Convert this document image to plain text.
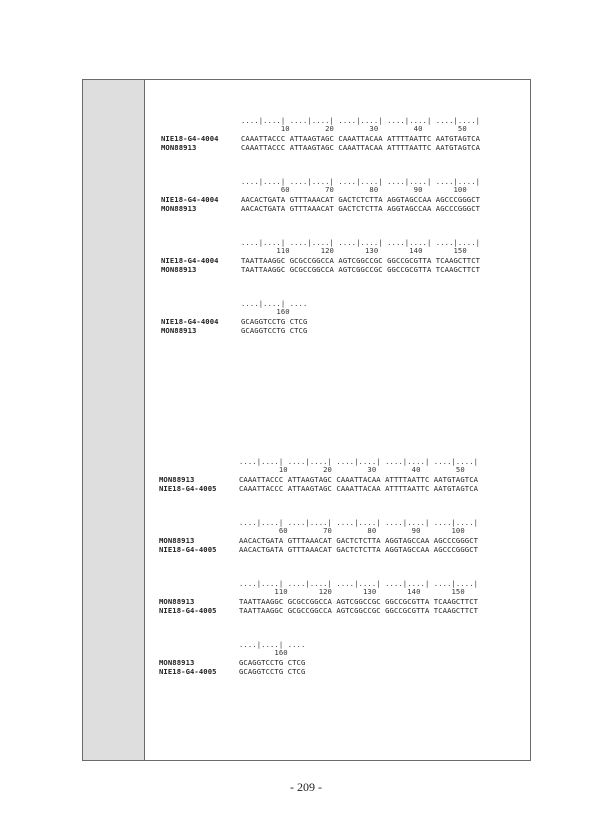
....|....| ....|....| ....|....| ....|....| ....|....|
10        20        30        40        50
NIE18-G4-4004	CAAATTACCC ATTAAGTAGC CAAATTACAA ATTTTAATTC AATGTAGTCA
MON88913	CAAATTACCC ATTAAGTAGC CAAATTACAA ATTTTAATTC AATGTAGTCA
....|....| ....|....| ....|....| ....|....| ....|....|
60        70        80        90       100
NIE18-G4-4004	AACACTGATA GTTTAAACAT GACTCTCTTA AGGTAGCCAA AGCCCGGGCT
MON88913	AACACTGATA GTTTAAACAT GACTCTCTTA AGGTAGCCAA AGCCCGGGCT
....|....| ....|....| ....|....| ....|....| ....|....|
110       120       130       140       150
NIE18-G4-4004	TAATTAAGGC GCGCCGGCCA AGTCGGCCGC GGCCGCGTTA TCAAGCTTCT
MON88913	TAATTAAGGC GCGCCGGCCA AGTCGGCCGC GGCCGCGTTA TCAAGCTTCT
....|....| ....
160
NIE18-G4-4004	GCAGGTCCTG CTCG
MON88913	GCAGGTCCTG CTCG
....|....| ....|....| ....|....| ....|....| ....|....|
10        20        30        40        50
MON88913	CAAATTACCC ATTAAGTAGC CAAATTACAA ATTTTAATTC AATGTAGTCA
NIE18-G4-4005	CAAATTACCC ATTAAGTAGC CAAATTACAA ATTTTAATTC AATGTAGTCA
....|....| ....|....| ....|....| ....|....| ....|....|
60        70        80        90       100
MON88913	AACACTGATA GTTTAAACAT GACTCTCTTA AGGTAGCCAA AGCCCGGGCT
NIE18-G4-4005	AACACTGATA GTTTAAACAT GACTCTCTTA AGGTAGCCAA AGCCCGGGCT
....|....| ....|....| ....|....| ....|....| ....|....|
110       120       130       140       150
MON88913	TAATTAAGGC GCGCCGGCCA AGTCGGCCGC GGCCGCGTTA TCAAGCTTCT
NIE18-G4-4005	TAATTAAGGC GCGCCGGCCA AGTCGGCCGC GGCCGCGTTA TCAAGCTTCT
....|....| ....
160
MON88913	GCAGGTCCTG CTCG
NIE18-G4-4005	GCAGGTCCTG CTCG
- 209 -
